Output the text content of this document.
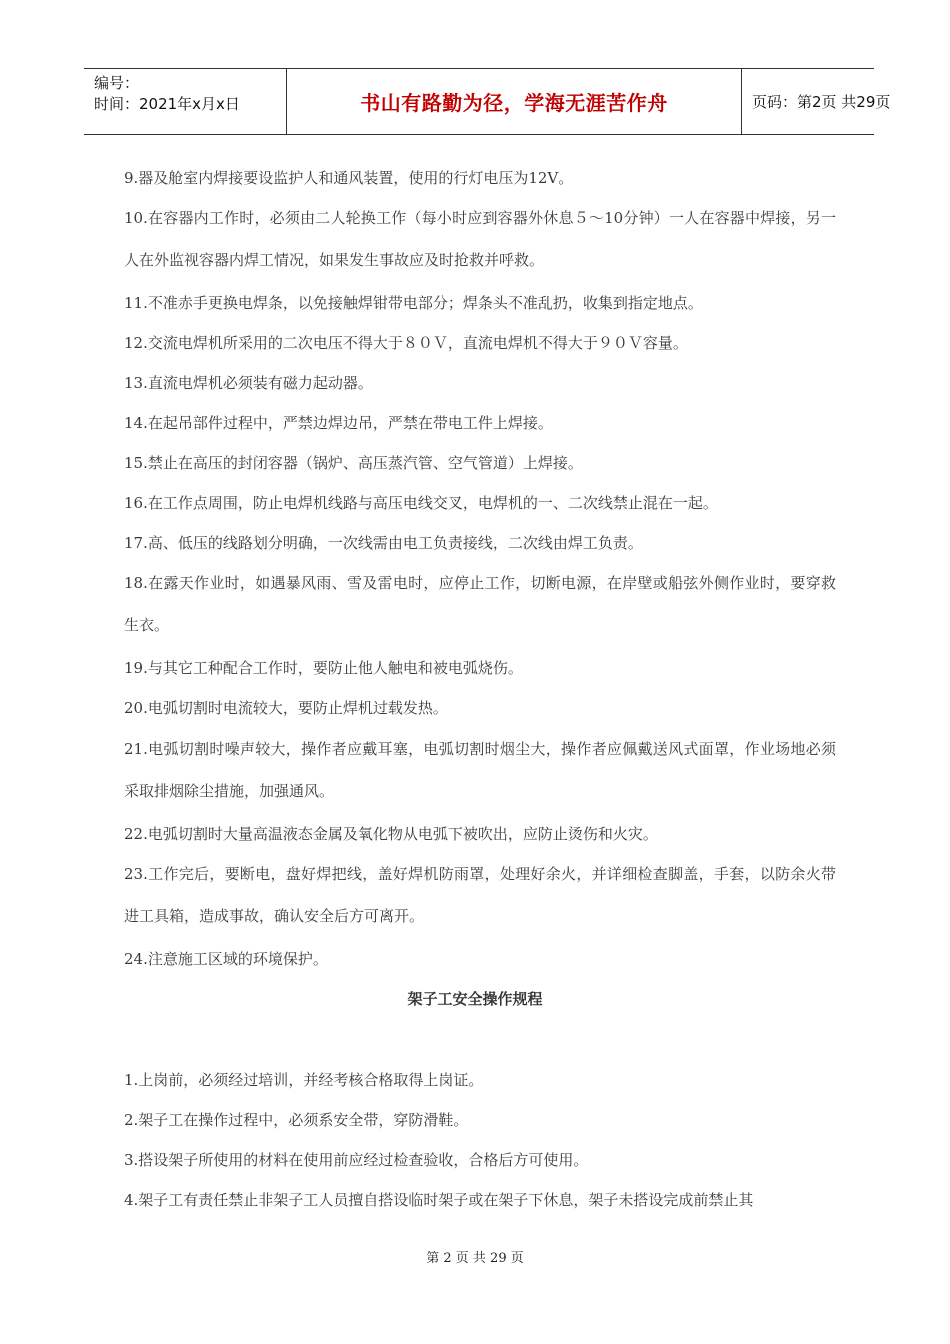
编号：
时间：2021年x月x日	书山有路勤为径，学海无涯苦作舟	页码：第2页 共29页

9.器及舱室内焊接要设监护人和通风装置，使用的行灯电压为12V。

10.在容器内工作时，必须由二人轮换工作（每小时应到容器外休息５～10分钟）一人在容器中焊接，另一人在外监视容器内焊工情况，如果发生事故应及时抢救并呼救。

11.不准赤手更换电焊条，以免接触焊钳带电部分；焊条头不准乱扔，收集到指定地点。

12.交流电焊机所采用的二次电压不得大于８０Ｖ，直流电焊机不得大于９０Ｖ容量。

13.直流电焊机必须装有磁力起动器。

14.在起吊部件过程中，严禁边焊边吊，严禁在带电工件上焊接。

15.禁止在高压的封闭容器（锅炉、高压蒸汽管、空气管道）上焊接。

16.在工作点周围，防止电焊机线路与高压电线交叉，电焊机的一、二次线禁止混在一起。

17.高、低压的线路划分明确，一次线需由电工负责接线，二次线由焊工负责。

18.在露天作业时，如遇暴风雨、雪及雷电时，应停止工作，切断电源，在岸壁或船弦外侧作业时，要穿救生衣。

19.与其它工种配合工作时，要防止他人触电和被电弧烧伤。

20.电弧切割时电流较大，要防止焊机过载发热。

21.电弧切割时噪声较大，操作者应戴耳塞，电弧切割时烟尘大，操作者应佩戴送风式面罩，作业场地必须采取排烟除尘措施，加强通风。

22.电弧切割时大量高温液态金属及氧化物从电弧下被吹出，应防止烫伤和火灾。

23.工作完后，要断电，盘好焊把线，盖好焊机防雨罩，处理好余火，并详细检查脚盖，手套，以防余火带进工具箱，造成事故，确认安全后方可离开。

24.注意施工区域的环境保护。

架子工安全操作规程

1.上岗前，必须经过培训，并经考核合格取得上岗证。

2.架子工在操作过程中，必须系安全带，穿防滑鞋。

3.搭设架子所使用的材料在使用前应经过检查验收，合格后方可使用。

4.架子工有责任禁止非架子工人员擅自搭设临时架子或在架子下休息，架子未搭设完成前禁止其

第 2 页 共 29 页
